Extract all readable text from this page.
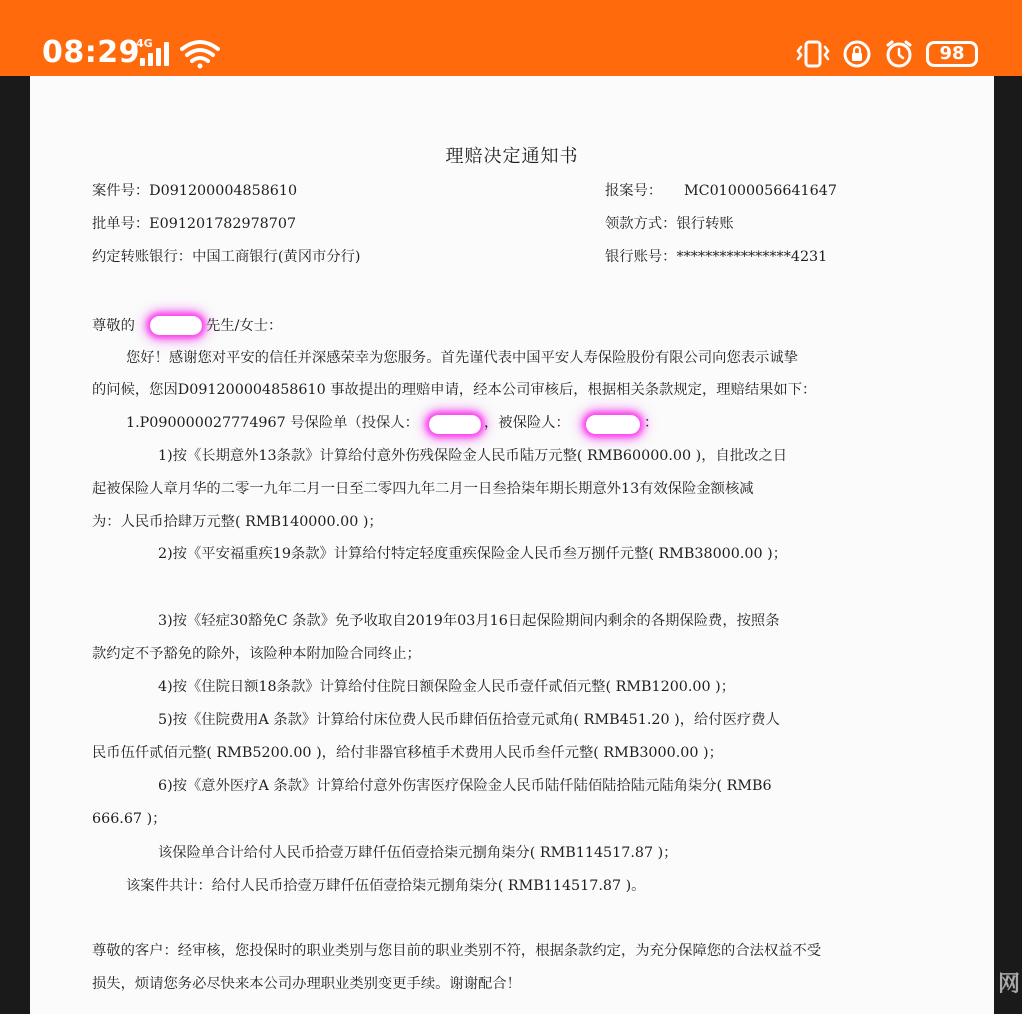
08:29
4G	98
理赔决定通知书
案件号：D091200004858610	报案号： MC01000056641647
批单号：E091201782978707	领款方式：银行转账
约定转账银行：中国工商银行(黄冈市分行)	银行账号：****************4231
尊敬的	先生/女士：
您好！感谢您对平安的信任并深感荣幸为您服务。首先谨代表中国平安人寿保险股份有限公司向您表示诚挚
的问候，您因D091200004858610 事故提出的理赔申请，经本公司审核后，根据相关条款规定，理赔结果如下：
1.P090000027774967 号保险单（投保人：	，被保险人：	：
1)按《长期意外13条款》计算给付意外伤残保险金人民币陆万元整( RMB60000.00 )，自批改之日
起被保险人章月华的二零一九年二月一日至二零四九年二月一日叁拾柒年期长期意外13有效保险金额核减
为：人民币拾肆万元整( RMB140000.00 )；
2)按《平安福重疾19条款》计算给付特定轻度重疾保险金人民币叁万捌仟元整( RMB38000.00 )；
3)按《轻症30豁免C 条款》免予收取自2019年03月16日起保险期间内剩余的各期保险费，按照条
款约定不予豁免的除外，该险种本附加险合同终止；
4)按《住院日额18条款》计算给付住院日额保险金人民币壹仟贰佰元整( RMB1200.00 )；
5)按《住院费用A 条款》计算给付床位费人民币肆佰伍拾壹元贰角( RMB451.20 )，给付医疗费人
民币伍仟贰佰元整( RMB5200.00 )，给付非器官移植手术费用人民币叁仟元整( RMB3000.00 )；
6)按《意外医疗A 条款》计算给付意外伤害医疗保险金人民币陆仟陆佰陆拾陆元陆角柒分( RMB6
666.67 )；
该保险单合计给付人民币拾壹万肆仟伍佰壹拾柒元捌角柒分( RMB114517.87 )；
该案件共计：给付人民币拾壹万肆仟伍佰壹拾柒元捌角柒分( RMB114517.87 )。
尊敬的客户：经审核，您投保时的职业类别与您目前的职业类别不符，根据条款约定，为充分保障您的合法权益不受
损失，烦请您务必尽快来本公司办理职业类别变更手续。谢谢配合！	网
